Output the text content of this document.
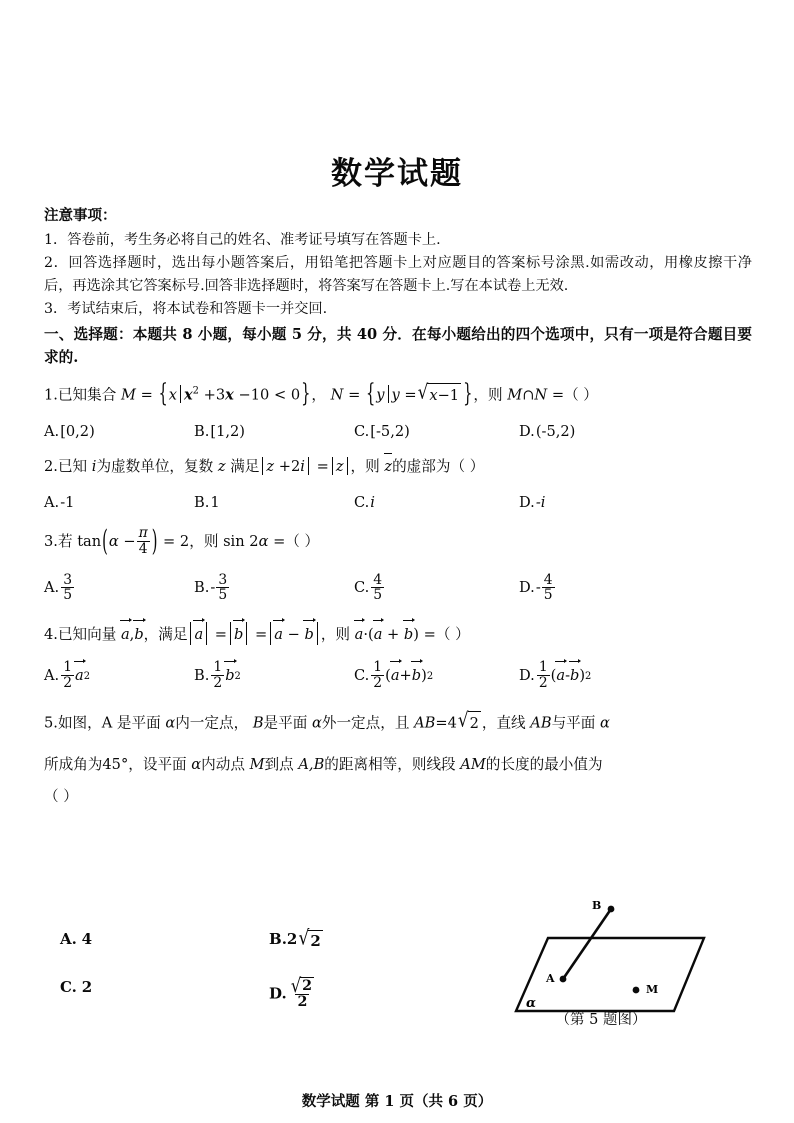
数学试题
注意事项：
1．答卷前，考生务必将自己的姓名、准考证号填写在答题卡上.
2．回答选择题时，选出每小题答案后，用铅笔把答题卡上对应题目的答案标号涂黑.如需改动，用橡皮擦干净后，再选涂其它答案标号.回答非选择题时，将答案写在答题卡上.写在本试卷上无效.
3．考试结束后，将本试卷和答题卡一并交回.
一、选择题：本题共 8 小题，每小题 5 分，共 40 分．在每小题给出的四个选项中，只有一项是符合题目要求的.
1.已知集合 M = {x $x^2 +3x -10 < 0$}， N = {y y = √ x−1 }，则 M∩N =（ ）
A. [0,2)	B. [1,2)	C. [-5,2)	D. (-5,2)
2.已知 i为虚数单位，复数 z 满足 z +2i = z ，则 z的虚部为（ ）
A. -1	B. 1	C. i	D. -i
3.若 $\tan(\alpha - \frac{\pi}{4}$ ) = 2，则 sin 2α =（ ）
A. $\frac{3}{5}$	B. - $\frac{3}{5}$	C. $\frac{4}{5}$	D. - $\frac{4}{5}$
4.已知向量 a,b，满足 a = b = a − b ，则 a·(a + b) =（ ）
A. $\frac{1}{2}$ a 2	B. $\frac{1}{2}$ b 2	C. $\frac{1}{2}$ ( a + b ) 2	D. $\frac{1}{2}$ ( a - b ) 2
5.如图，A 是平面 α内一定点， B是平面 α外一定点，且 AB=4 √ 2 ，直线 AB与平面 α
所成角为45°，设平面 α内动点 M到点 A,B的距离相等，则线段 AM的长度的最小值为
（ ）
A. 4	B.2 √ 2
C. 2	D. $\frac{√ 2}{2}$	A
B
M
α
（第 5 题图）
数学试题 第 1 页（共 6 页）
